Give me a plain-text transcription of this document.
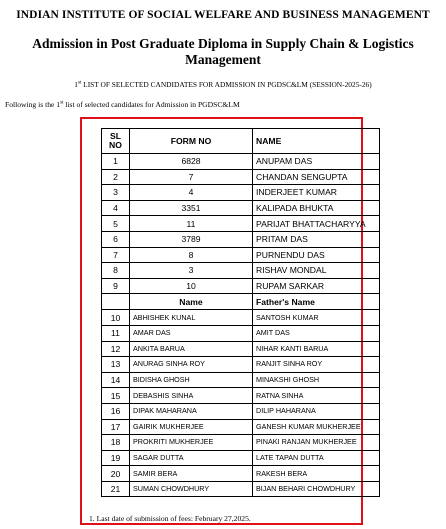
INDIAN INSTITUTE OF SOCIAL WELFARE AND BUSINESS MANAGEMENT
Admission in Post Graduate Diploma in Supply Chain & Logistics Management
1st LIST OF SELECTED CANDIDATES FOR ADMISSION IN PGDSC&LM (SESSION-2025-26)
Following is the 1st list of selected candidates for Admission in PGDSC&LM
SL
NO	FORM NO	NAME
1	6828	ANUPAM DAS
2	7	CHANDAN SENGUPTA
3	4	INDERJEET KUMAR
4	3351	KALIPADA BHUKTA
5	11	PARIJAT BHATTACHARYYA
6	3789	PRITAM DAS
7	8	PURNENDU DAS
8	3	RISHAV MONDAL
9	10	RUPAM SARKAR
	Name	Father's Name
10	ABHISHEK KUNAL	SANTOSH KUMAR
11	AMAR DAS	AMIT DAS
12	ANKITA BARUA	NIHAR KANTI BARUA
13	ANURAG SINHA ROY	RANJIT SINHA ROY
14	BIDISHA GHOSH	MINAKSHI GHOSH
15	DEBASHIS SINHA	RATNA SINHA
16	DIPAK MAHARANA	DILIP HAHARANA
17	GAIRIK MUKHERJEE	GANESH KUMAR MUKHERJEE
18	PROKRITI MUKHERJEE	PINAKI RANJAN MUKHERJEE
19	SAGAR DUTTA	LATE TAPAN DUTTA
20	SAMIR BERA	RAKESH BERA
21	SUMAN CHOWDHURY	BIJAN BEHARI CHOWDHURY
1. Last date of submission of fees: February 27,2025.
